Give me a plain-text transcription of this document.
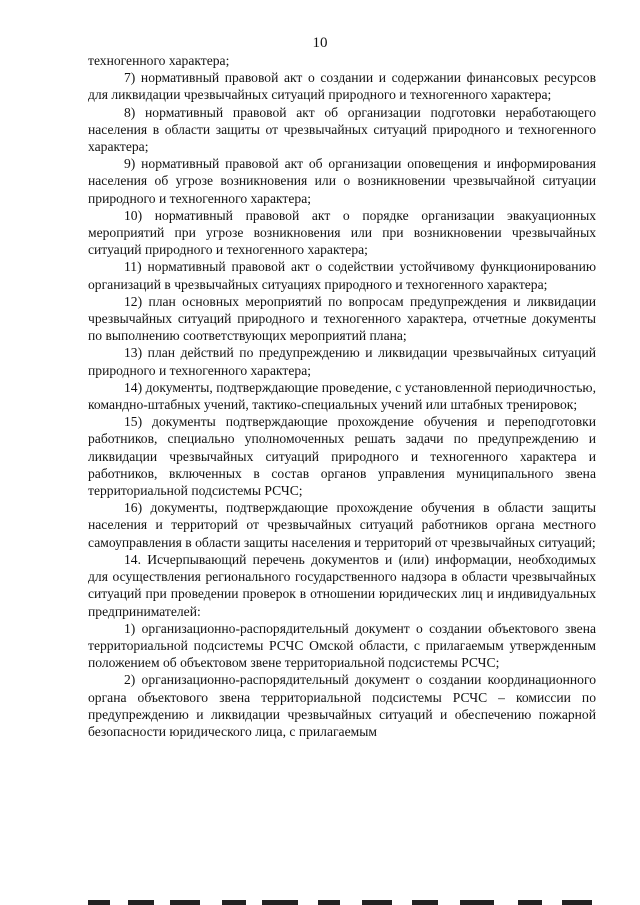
10

техногенного характера;

7) нормативный правовой акт о создании и содержании финансовых ресурсов для ликвидации чрезвычайных ситуаций природного и техногенного характера;

8) нормативный правовой акт об организации подготовки неработающего населения в области защиты от чрезвычайных ситуаций природного и техногенного характера;

9) нормативный правовой акт об организации оповещения и информирования населения об угрозе возникновения или о возникновении чрезвычайной ситуации природного и техногенного характера;

10) нормативный правовой акт о порядке организации эвакуационных мероприятий при угрозе возникновения или при возникновении чрезвычайных ситуаций природного и техногенного характера;

11) нормативный правовой акт о содействии устойчивому функционированию организаций в чрезвычайных ситуациях природного и техногенного характера;

12) план основных мероприятий по вопросам предупреждения и ликвидации чрезвычайных ситуаций природного и техногенного характера, отчетные документы по выполнению соответствующих мероприятий плана;

13) план действий по предупреждению и ликвидации чрезвычайных ситуаций природного и техногенного характера;

14) документы, подтверждающие проведение, с установленной периодичностью, командно-штабных учений, тактико-специальных учений или штабных тренировок;

15) документы подтверждающие прохождение обучения и переподготовки работников, специально уполномоченных решать задачи по предупреждению и ликвидации чрезвычайных ситуаций природного и техногенного характера и работников, включенных в состав органов управления муниципального звена территориальной подсистемы РСЧС;

16) документы, подтверждающие прохождение обучения в области защиты населения и территорий от чрезвычайных ситуаций работников органа местного самоуправления в области защиты населения и территорий от чрезвычайных ситуаций;

14. Исчерпывающий перечень документов и (или) информации, необходимых для осуществления регионального государственного надзора в области чрезвычайных ситуаций при проведении проверок в отношении юридических лиц и индивидуальных предпринимателей:

1) организационно-распорядительный документ о создании объектового звена территориальной подсистемы РСЧС Омской области, с прилагаемым утвержденным положением об объектовом звене территориальной подсистемы РСЧС;

2) организационно-распорядительный документ о создании координационного органа объектового звена территориальной подсистемы РСЧС – комиссии по предупреждению и ликвидации чрезвычайных ситуаций и обеспечению пожарной безопасности юридического лица, с прилагаемым
